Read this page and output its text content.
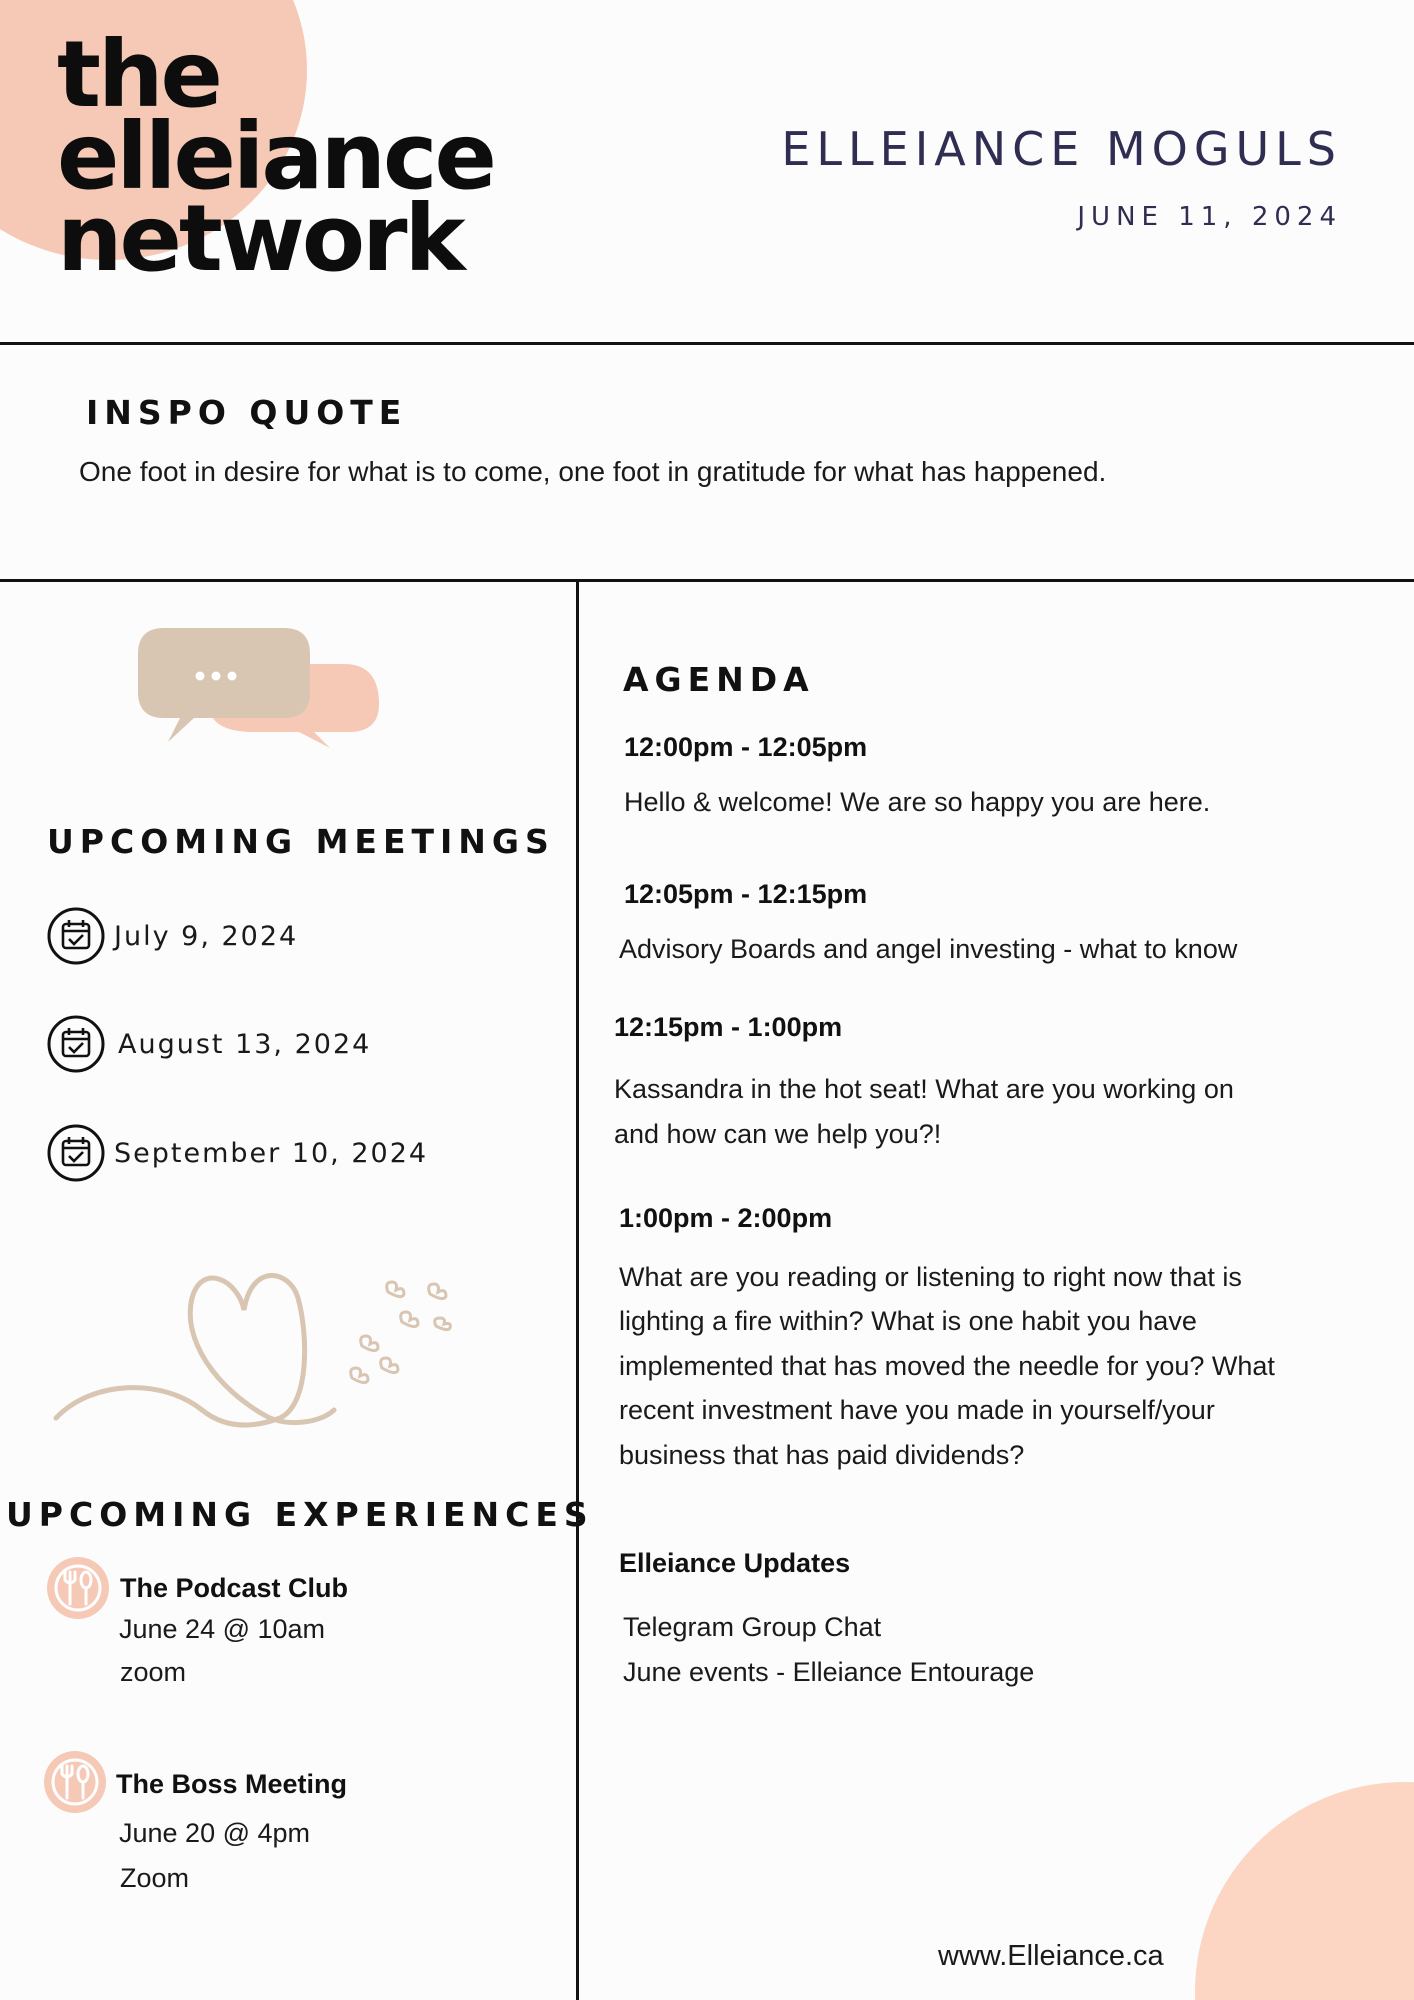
the
elleiance
network
ELLEIANCE MOGULS
JUNE 11, 2024
INSPO QUOTE
One foot in desire for what is to come, one foot in gratitude for what has happened.
UPCOMING MEETINGS
July 9, 2024
August 13, 2024
September 10, 2024
UPCOMING EXPERIENCES
The Podcast Club
June 24 @ 10am
zoom
The Boss Meeting
June 20 @ 4pm
Zoom
AGENDA
12:00pm - 12:05pm
Hello & welcome! We are so happy you are here.
12:05pm - 12:15pm
Advisory Boards and angel investing - what to know
12:15pm - 1:00pm
Kassandra in the hot seat! What are you working on
and how can we help you?!
1:00pm - 2:00pm
What are you reading or listening to right now that is
lighting a fire within? What is one habit you have
implemented that has moved the needle for you? What
recent investment have you made in yourself/your
business that has paid dividends?
Elleiance Updates
Telegram Group Chat
June events - Elleiance Entourage
www.Elleiance.ca
